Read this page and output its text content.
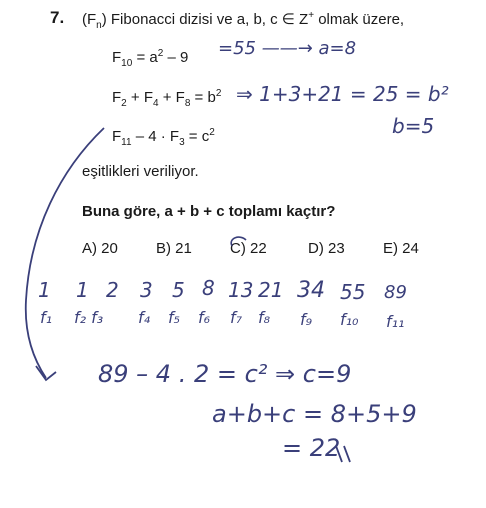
7. $(F_n)$ Fibonacci dizisi ve a, b, c ∈ Z+ olmak üzere,
$F_{10} = a^2 - 9$
$F_2 + F_4 + F_8 = b^2$
$F_{11} - 4 \cdot F_3 = c^2$
eşitlikleri veriliyor.
Buna göre, a + b + c toplamı kaçtır?
A) 20	B) 21	C) 22	D) 23	E) 24
=55 ——→ a=8
⇒ 1+3+21 = 25 = b²
b=5
1 1 2 3 5 8 13 21 34 55 89
f₁ f₂ f₃ f₄ f₅ f₆ f₇ f₈ f₉ f₁₀ f₁₁
89 – 4 . 2 = c² ⇒ c=9
a+b+c = 8+5+9
= 22
